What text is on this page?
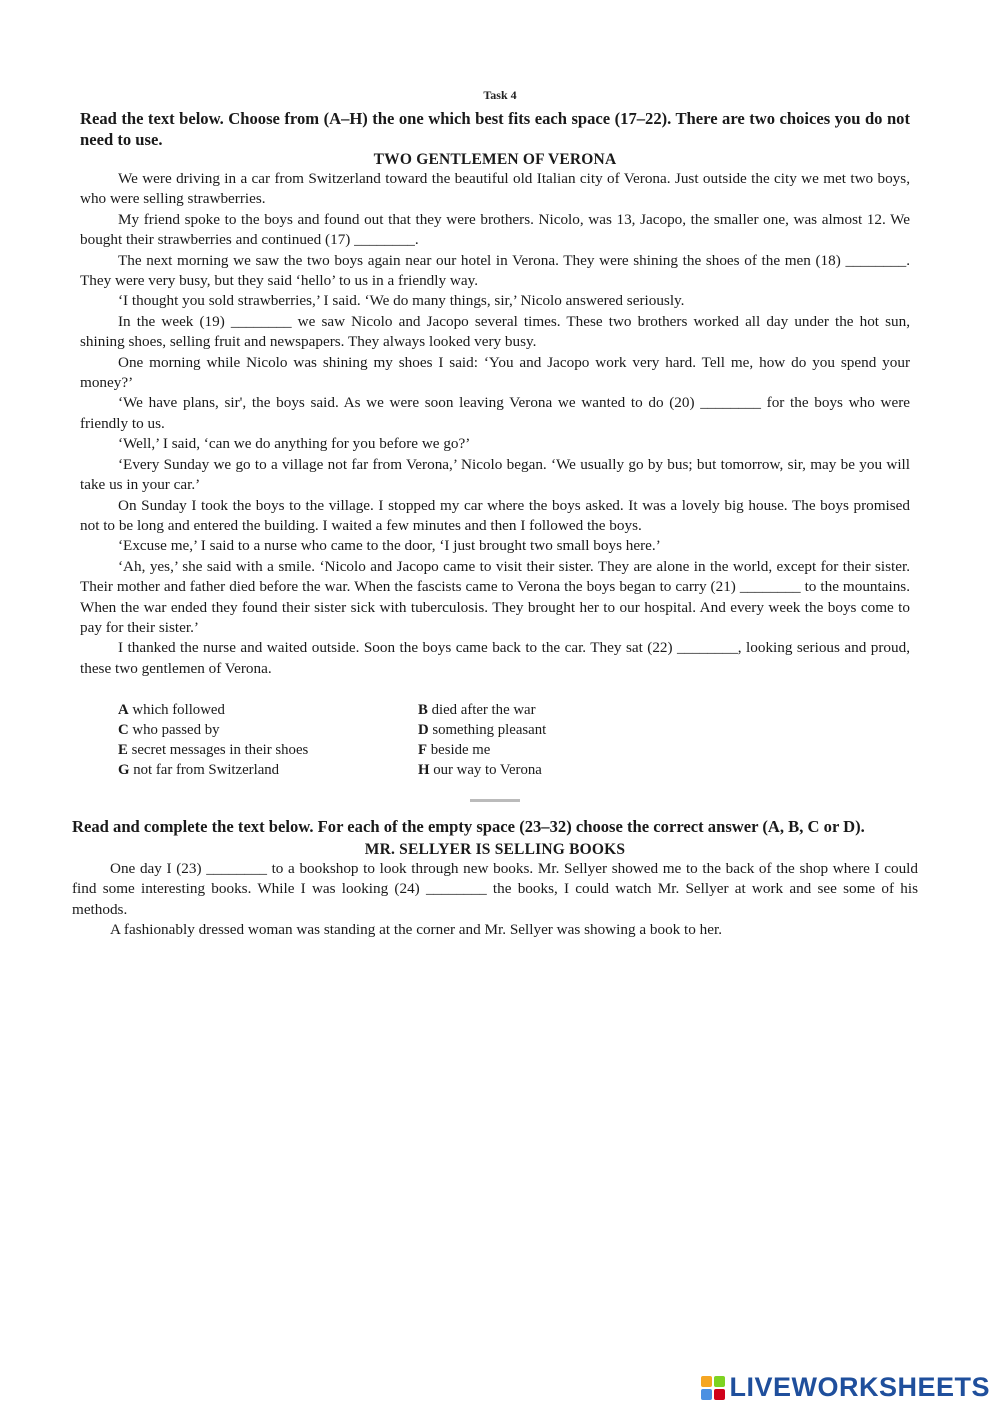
Task 4

Read the text below. Choose from (A–H) the one which best fits each space (17–22). There are two choices you do not need to use.

TWO GENTLEMEN OF VERONA

We were driving in a car from Switzerland toward the beautiful old Italian city of Verona. Just outside the city we met two boys, who were selling strawberries.

My friend spoke to the boys and found out that they were brothers. Nicolo, was 13, Jacopo, the smaller one, was almost 12. We bought their strawberries and continued (17) ________.

The next morning we saw the two boys again near our hotel in Verona. They were shining the shoes of the men (18) ________. They were very busy, but they said ‘hello’ to us in a friendly way.

‘I thought you sold strawberries,’ I said. ‘We do many things, sir,’ Nicolo answered seriously.

In the week (19) ________ we saw Nicolo and Jacopo several times. These two brothers worked all day under the hot sun, shining shoes, selling fruit and newspapers. They always looked very busy.

One morning while Nicolo was shining my shoes I said: ‘You and Jacopo work very hard. Tell me, how do you spend your money?’

‘We have plans, sir', the boys said. As we were soon leaving Verona we wanted to do (20) ________ for the boys who were friendly to us.

‘Well,’ I said, ‘can we do anything for you before we go?’

‘Every Sunday we go to a village not far from Verona,’ Nicolo began. ‘We usually go by bus; but tomorrow, sir, may be you will take us in your car.’

On Sunday I took the boys to the village. I stopped my car where the boys asked. It was a lovely big house. The boys promised not to be long and entered the building. I waited a few minutes and then I followed the boys.

‘Excuse me,’ I said to a nurse who came to the door, ‘I just brought two small boys here.’

‘Ah, yes,’ she said with a smile. ‘Nicolo and Jacopo came to visit their sister. They are alone in the world, except for their sister. Their mother and father died before the war. When the fascists came to Verona the boys began to carry (21) ________ to the mountains. When the war ended they found their sister sick with tuberculosis. They brought her to our hospital. And every week the boys come to pay for their sister.’

I thanked the nurse and waited outside. Soon the boys came back to the car. They sat (22) ________, looking serious and proud, these two gentlemen of Verona.

A which followed	B died after the war
C who passed by	D something pleasant
E secret messages in their shoes	F beside me
G not far from Switzerland	H our way to Verona

Read and complete the text below. For each of the empty space (23–32) choose the correct answer (A, B, C or D).

MR. SELLYER IS SELLING BOOKS

One day I (23) ________ to a bookshop to look through new books. Mr. Sellyer showed me to the back of the shop where I could find some interesting books. While I was looking (24) ________ the books, I could watch Mr. Sellyer at work and see some of his methods.

A fashionably dressed woman was standing at the corner and Mr. Sellyer was showing a book to her.

LIVEWORKSHEETS
